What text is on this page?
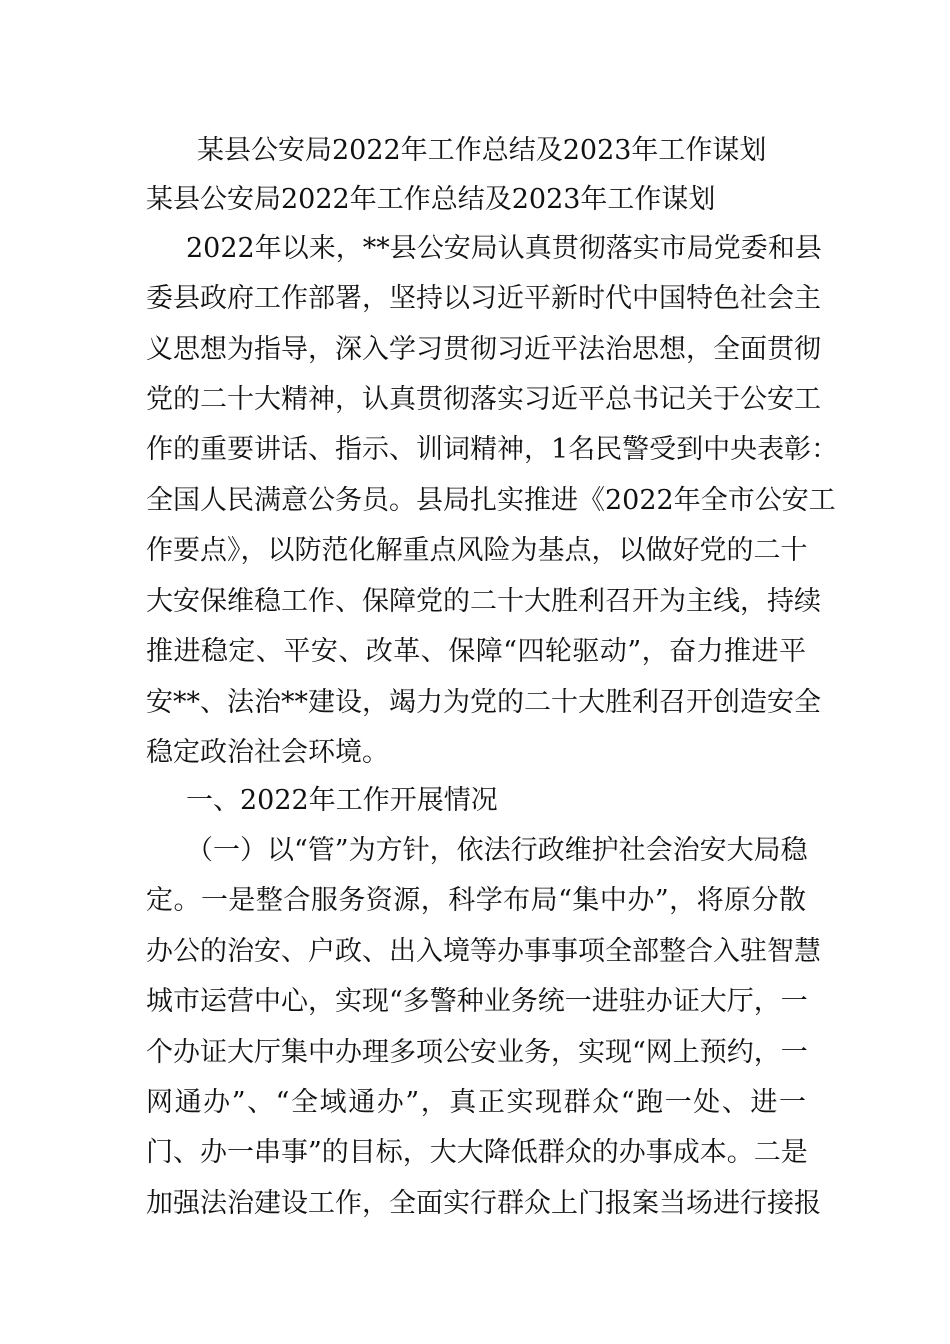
某县公安局2022年工作总结及2023年工作谋划
某县公安局2022年工作总结及2023年工作谋划
2022年以来，**县公安局认真贯彻落实市局党委和县
委县政府工作部署，坚持以习近平新时代中国特色社会主
义思想为指导，深入学习贯彻习近平法治思想，全面贯彻
党的二十大精神，认真贯彻落实习近平总书记关于公安工
作的重要讲话、指示、训词精神，1名民警受到中央表彰：
全国人民满意公务员。县局扎实推进《2022年全市公安工
作要点》，以防范化解重点风险为基点，以做好党的二十
大安保维稳工作、保障党的二十大胜利召开为主线，持续
推进稳定、平安、改革、保障“四轮驱动”，奋力推进平
安**、法治**建设，竭力为党的二十大胜利召开创造安全
稳定政治社会环境。
一、2022年工作开展情况
（一）以“管”为方针，依法行政维护社会治安大局稳
定。一是整合服务资源，科学布局“集中办”，将原分散
办公的治安、户政、出入境等办事事项全部整合入驻智慧
城市运营中心，实现“多警种业务统一进驻办证大厅，一
个办证大厅集中办理多项公安业务，实现“网上预约，一
网通办”、“全域通办”，真正实现群众“跑一处、进一
门、办一串事”的目标，大大降低群众的办事成本。二是
加强法治建设工作，全面实行群众上门报案当场进行接报
